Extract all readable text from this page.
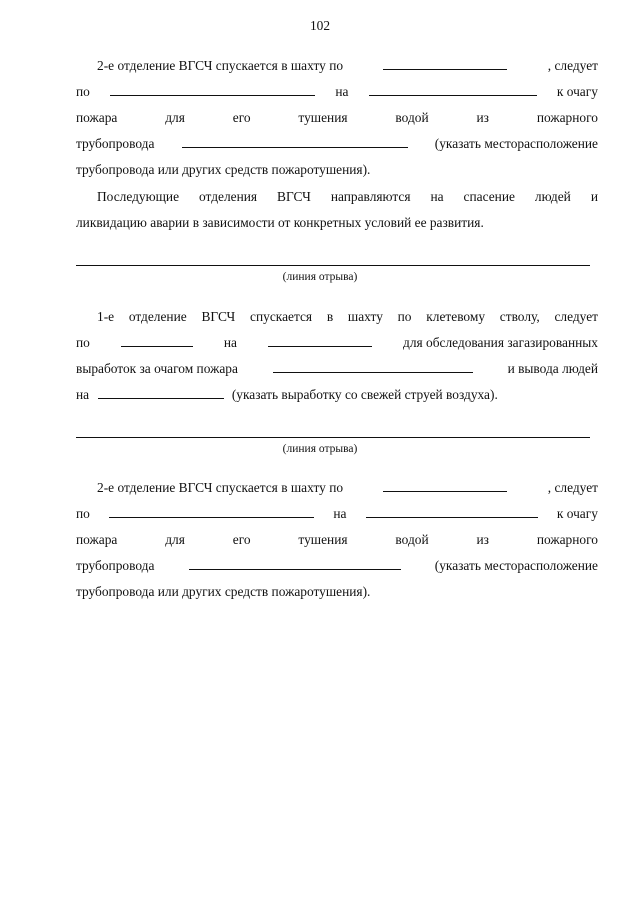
102
2-е отделение ВГСЧ спускается в шахту по	, следует
по	на	к очагу
пожара	для	его	тушения	водой	из	пожарного
трубопровода	(указать месторасположение
трубопровода или других средств пожаротушения).
Последующие отделения ВГСЧ направляются на спасение людей и
ликвидацию аварии в зависимости от конкретных условий ее развития.
(линия отрыва)
1-е отделение ВГСЧ спускается в шахту по клетевому стволу, следует
по	на	для обследования загазированных
выработок за очагом пожара	и вывода людей
на	(указать выработку со свежей струей воздуха).
(линия отрыва)
2-е отделение ВГСЧ спускается в шахту по	, следует
по	на	к очагу
пожара	для	его	тушения	водой	из	пожарного
трубопровода	(указать месторасположение
трубопровода или других средств пожаротушения).
